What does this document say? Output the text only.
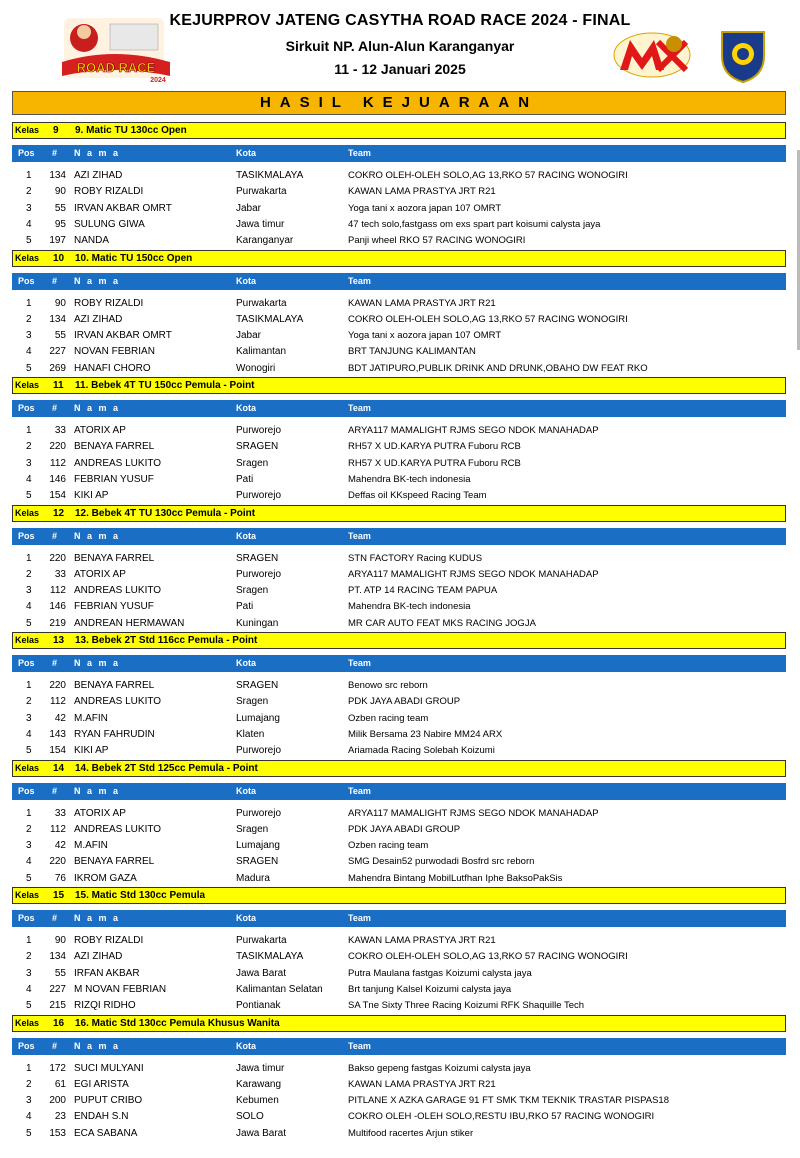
ROAD RACE
2024
KEJURPROV JATENG CASYTHA ROAD RACE 2024 - FINAL
Sirkuit NP. Alun-Alun Karanganyar
11 - 12 Januari 2025
HASIL KEJUARAAN
Kelas 9 9. Matic TU 130cc Open
Pos # N a m a	Kota	Team
1	134 AZI ZIHAD	TASIKMALAYA	COKRO OLEH-OLEH SOLO,AG 13,RKO 57 RACING WONOGIRI
2	90 ROBY RIZALDI	Purwakarta	KAWAN LAMA PRASTYA JRT R21
3	55 IRVAN AKBAR OMRT	Jabar	Yoga tani x aozora japan 107 OMRT
4	95 SULUNG GIWA	Jawa timur	47 tech solo,fastgass om exs spart part koisumi calysta jaya
5	197 NANDA	Karanganyar	Panji wheel RKO 57 RACING WONOGIRI
Kelas 10 10. Matic TU 150cc Open
Pos # N a m a	Kota	Team
1	90 ROBY RIZALDI	Purwakarta	KAWAN LAMA PRASTYA JRT R21
2	134 AZI ZIHAD	TASIKMALAYA	COKRO OLEH-OLEH SOLO,AG 13,RKO 57 RACING WONOGIRI
3	55 IRVAN AKBAR OMRT	Jabar	Yoga tani x aozora japan 107 OMRT
4	227 NOVAN FEBRIAN	Kalimantan	BRT TANJUNG KALIMANTAN
5	269 HANAFI CHORO	Wonogiri	BDT JATIPURO,PUBLIK DRINK AND DRUNK,OBAHO DW FEAT RKO
Kelas 11 11. Bebek 4T TU 150cc Pemula - Point
Pos # N a m a	Kota	Team
1	33 ATORIX AP	Purworejo	ARYA117 MAMALIGHT RJMS SEGO NDOK MANAHADAP
2	220 BENAYA FARREL	SRAGEN	RH57 X UD.KARYA PUTRA Fuboru RCB
3	112 ANDREAS LUKITO	Sragen	RH57 X UD.KARYA PUTRA Fuboru RCB
4	146 FEBRIAN YUSUF	Pati	Mahendra BK-tech indonesia
5	154 KIKI AP	Purworejo	Deffas oil KKspeed Racing Team
Kelas 12 12. Bebek 4T TU 130cc Pemula - Point
Pos # N a m a	Kota	Team
1	220 BENAYA FARREL	SRAGEN	STN FACTORY Racing KUDUS
2	33 ATORIX AP	Purworejo	ARYA117 MAMALIGHT RJMS SEGO NDOK MANAHADAP
3	112 ANDREAS LUKITO	Sragen	PT. ATP 14 RACING TEAM PAPUA
4	146 FEBRIAN YUSUF	Pati	Mahendra BK-tech indonesia
5	219 ANDREAN HERMAWAN	Kuningan	MR CAR AUTO FEAT MKS RACING JOGJA
Kelas 13 13. Bebek 2T Std 116cc Pemula - Point
Pos # N a m a	Kota	Team
1	220 BENAYA FARREL	SRAGEN	Benowo src reborn
2	112 ANDREAS LUKITO	Sragen	PDK JAYA ABADI GROUP
3	42 M.AFIN	Lumajang	Ozben racing team
4	143 RYAN FAHRUDIN	Klaten	Milik Bersama 23 Nabire MM24 ARX
5	154 KIKI AP	Purworejo	Ariamada Racing Solebah Koizumi
Kelas 14 14. Bebek 2T Std 125cc Pemula - Point
Pos # N a m a	Kota	Team
1	33 ATORIX AP	Purworejo	ARYA117 MAMALIGHT RJMS SEGO NDOK MANAHADAP
2	112 ANDREAS LUKITO	Sragen	PDK JAYA ABADI GROUP
3	42 M.AFIN	Lumajang	Ozben racing team
4	220 BENAYA FARREL	SRAGEN	SMG Desain52 purwodadi Bosfrd src reborn
5	76 IKROM GAZA	Madura	Mahendra Bintang MobilLutfhan Iphe BaksoPakSis
Kelas 15 15. Matic Std 130cc Pemula
Pos # N a m a	Kota	Team
1	90 ROBY RIZALDI	Purwakarta	KAWAN LAMA PRASTYA JRT R21
2	134 AZI ZIHAD	TASIKMALAYA	COKRO OLEH-OLEH SOLO,AG 13,RKO 57 RACING WONOGIRI
3	55 IRFAN AKBAR	Jawa Barat	Putra Maulana fastgas Koizumi calysta jaya
4	227 M NOVAN FEBRIAN	Kalimantan Selatan	Brt tanjung Kalsel Koizumi calysta jaya
5	215 RIZQI RIDHO	Pontianak	SA Tne Sixty Three Racing Koizumi RFK Shaquille Tech
Kelas 16 16. Matic Std 130cc Pemula Khusus Wanita
Pos # N a m a	Kota	Team
1	172 SUCI MULYANI	Jawa timur	Bakso gepeng fastgas Koizumi calysta jaya
2	61 EGI ARISTA	Karawang	KAWAN LAMA PRASTYA JRT R21
3	200 PUPUT CRIBO	Kebumen	PITLANE X AZKA GARAGE 91 FT SMK TKM TEKNIK TRASTAR PISPAS18
4	23 ENDAH S.N	SOLO	COKRO OLEH -OLEH SOLO,RESTU IBU,RKO 57 RACING WONOGIRI
5	153 ECA SABANA	Jawa Barat	Multifood racertes Arjun stiker
